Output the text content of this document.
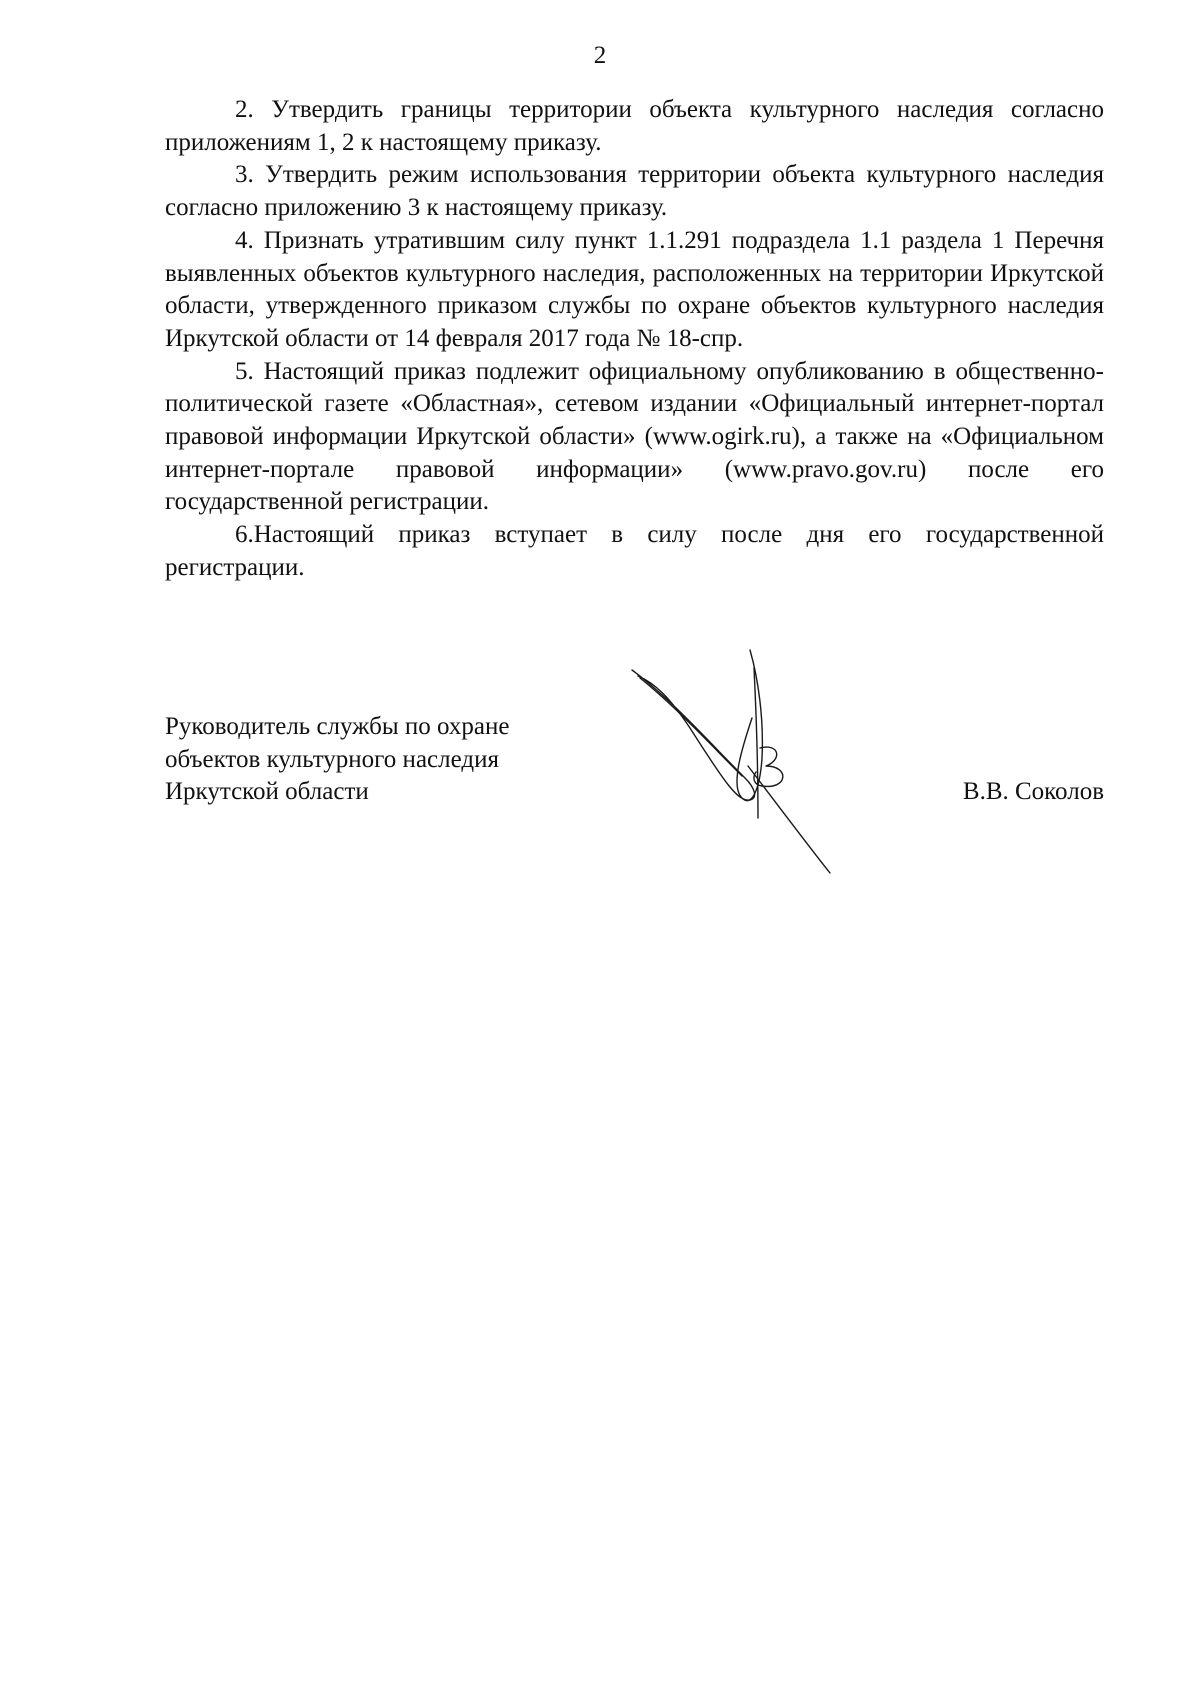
2

2. Утвердить границы территории объекта культурного наследия согласно приложениям 1, 2 к настоящему приказу.

3. Утвердить режим использования территории объекта культурного наследия согласно приложению 3 к настоящему приказу.

4. Признать утратившим силу пункт 1.1.291 подраздела 1.1 раздела 1 Перечня выявленных объектов культурного наследия, расположенных на территории Иркутской области, утвержденного приказом службы по охране объектов культурного наследия Иркутской области от 14 февраля 2017 года № 18-спр.

5. Настоящий приказ подлежит официальному опубликованию в общественно-политической газете «Областная», сетевом издании «Официальный интернет-портал правовой информации Иркутской области» (www.ogirk.ru), а также на «Официальном интернет-портале правовой информации» (www.pravo.gov.ru) после его государственной регистрации.

6.Настоящий приказ вступает в силу после дня его государственной регистрации.

Руководитель службы по охране
объектов культурного наследия
Иркутской области	В.В. Соколов
